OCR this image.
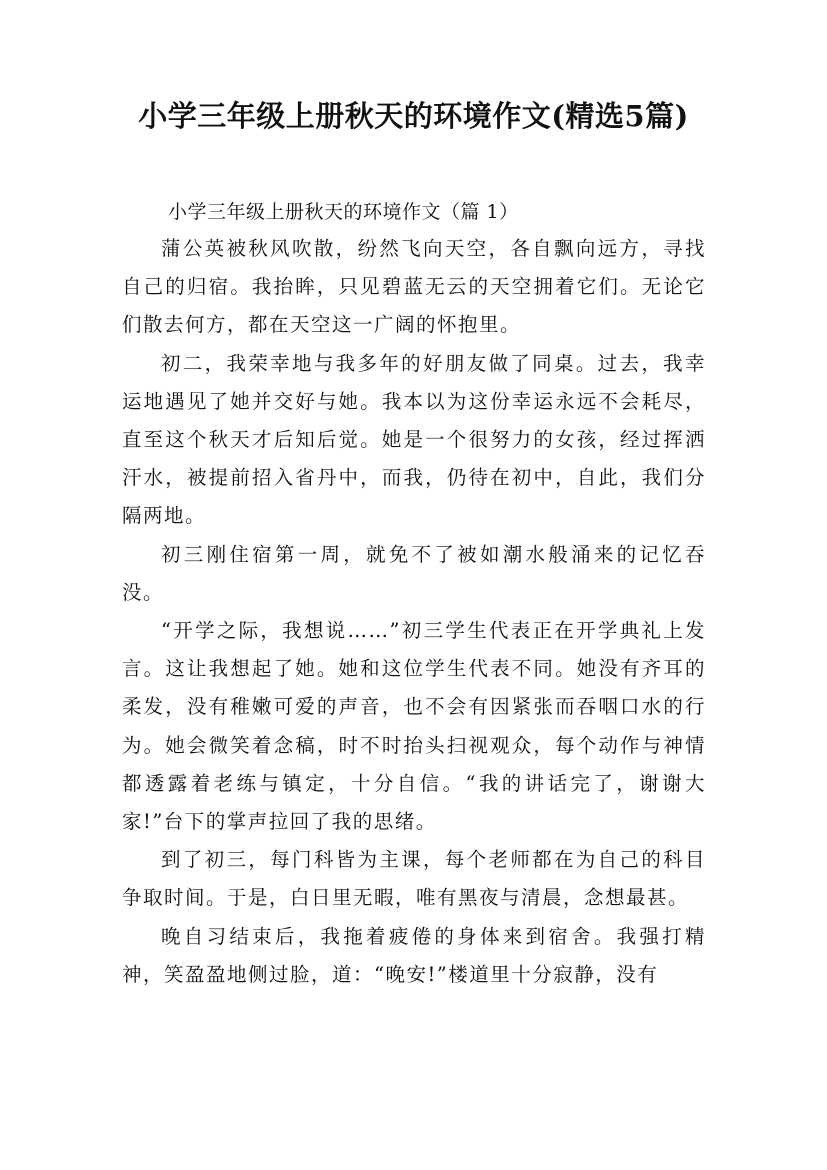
小学三年级上册秋天的环境作文(精选5篇)
小学三年级上册秋天的环境作文（篇 1）

蒲公英被秋风吹散，纷然飞向天空，各自飘向远方，寻找自己的归宿。我抬眸，只见碧蓝无云的天空拥着它们。无论它们散去何方，都在天空这一广阔的怀抱里。

初二，我荣幸地与我多年的好朋友做了同桌。过去，我幸运地遇见了她并交好与她。我本以为这份幸运永远不会耗尽，直至这个秋天才后知后觉。她是一个很努力的女孩，经过挥洒汗水，被提前招入省丹中，而我，仍待在初中，自此，我们分隔两地。

初三刚住宿第一周，就免不了被如潮水般涌来的记忆吞没。

“开学之际，我想说……”初三学生代表正在开学典礼上发言。这让我想起了她。她和这位学生代表不同。她没有齐耳的柔发，没有稚嫩可爱的声音，也不会有因紧张而吞咽口水的行为。她会微笑着念稿，时不时抬头扫视观众，每个动作与神情都透露着老练与镇定，十分自信。“我的讲话完了，谢谢大家!”台下的掌声拉回了我的思绪。

到了初三，每门科皆为主课，每个老师都在为自己的科目争取时间。于是，白日里无暇，唯有黑夜与清晨，念想最甚。

晚自习结束后，我拖着疲倦的身体来到宿舍。我强打精神，笑盈盈地侧过脸，道：“晚安!”楼道里十分寂静，没有
